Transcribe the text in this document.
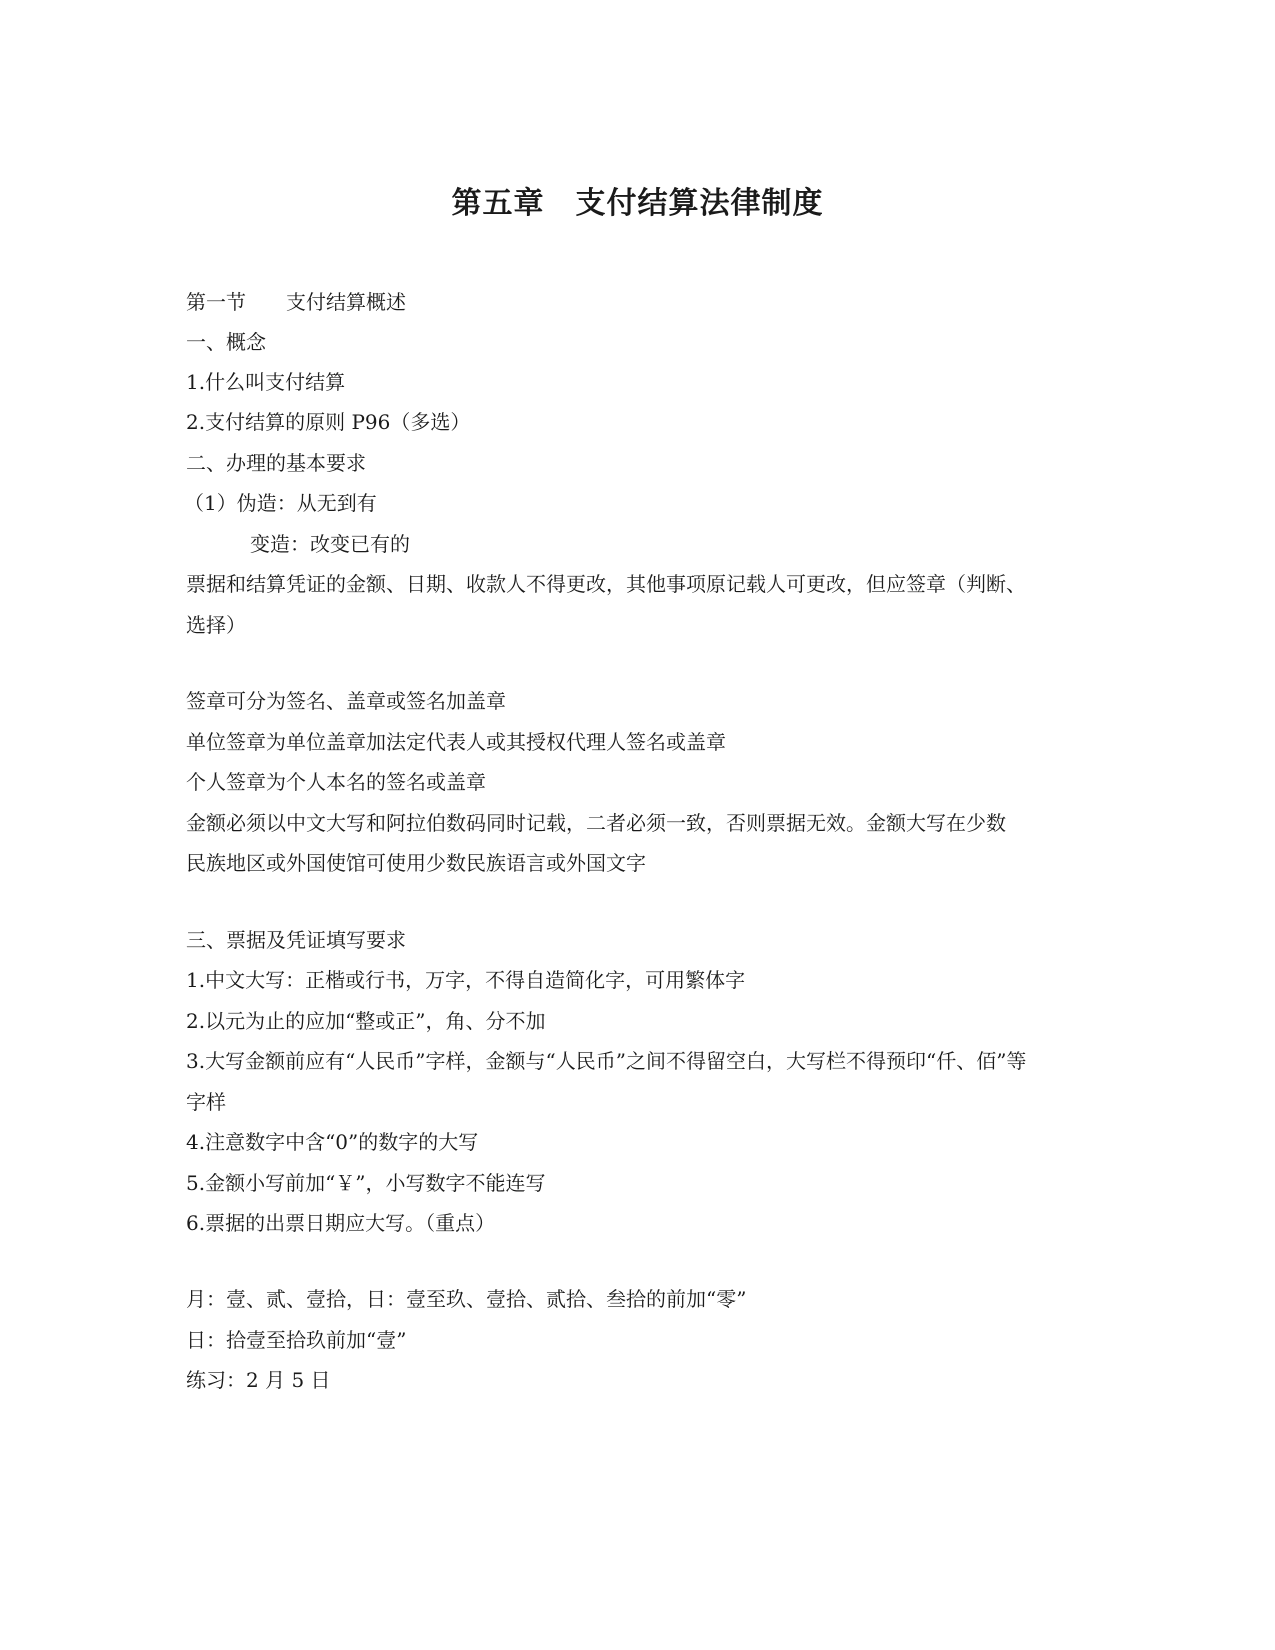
第五章　支付结算法律制度
第一节　　支付结算概述
一、概念
1.什么叫支付结算
2.支付结算的原则 P96（多选）
二、办理的基本要求
（1）伪造：从无到有
变造：改变已有的
票据和结算凭证的金额、日期、收款人不得更改，其他事项原记载人可更改，但应签章（判断、
选择）
签章可分为签名、盖章或签名加盖章
单位签章为单位盖章加法定代表人或其授权代理人签名或盖章
个人签章为个人本名的签名或盖章
金额必须以中文大写和阿拉伯数码同时记载，二者必须一致，否则票据无效。金额大写在少数
民族地区或外国使馆可使用少数民族语言或外国文字
三、票据及凭证填写要求
1.中文大写：正楷或行书，万字，不得自造简化字，可用繁体字
2.以元为止的应加“整或正”，角、分不加
3.大写金额前应有“人民币”字样，金额与“人民币”之间不得留空白，大写栏不得预印“仟、佰”等
字样
4.注意数字中含“0”的数字的大写
5.金额小写前加“￥”，小写数字不能连写
6.票据的出票日期应大写。（重点）
月：壹、贰、壹拾，日：壹至玖、壹拾、贰拾、叁拾的前加“零”
日：拾壹至拾玖前加“壹”
练习：2 月 5 日
